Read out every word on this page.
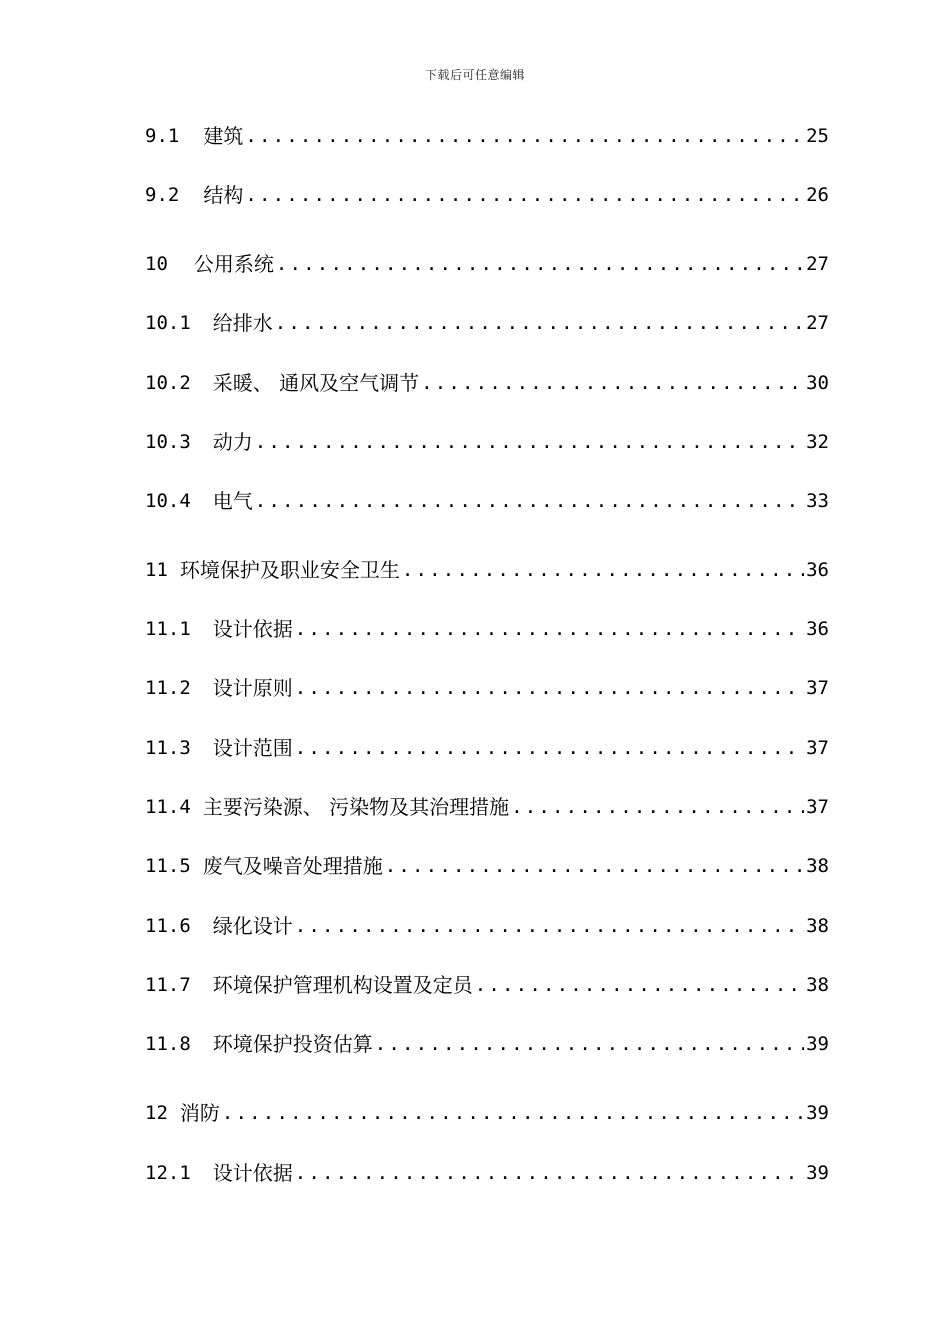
下载后可任意编辑
9.1 建筑 .....	25
9.2 结构 .....	26
10 公用系统 .....	27
10.1 给排水 .....	27
10.2 采暖、 通风及空气调节 .....	30
10.3 动力 .....	32
10.4 电气 .....	33
11 环境保护及职业安全卫生 .....	36
11.1 设计依据 .....	36
11.2 设计原则 .....	37
11.3 设计范围 .....	37
11.4 主要污染源、 污染物及其治理措施 .....	37
11.5 废气及噪音处理措施 .....	38
11.6 绿化设计 .....	38
11.7 环境保护管理机构设置及定员 .....	38
11.8 环境保护投资估算 .....	39
12 消防 .....	39
12.1 设计依据 .....	39
